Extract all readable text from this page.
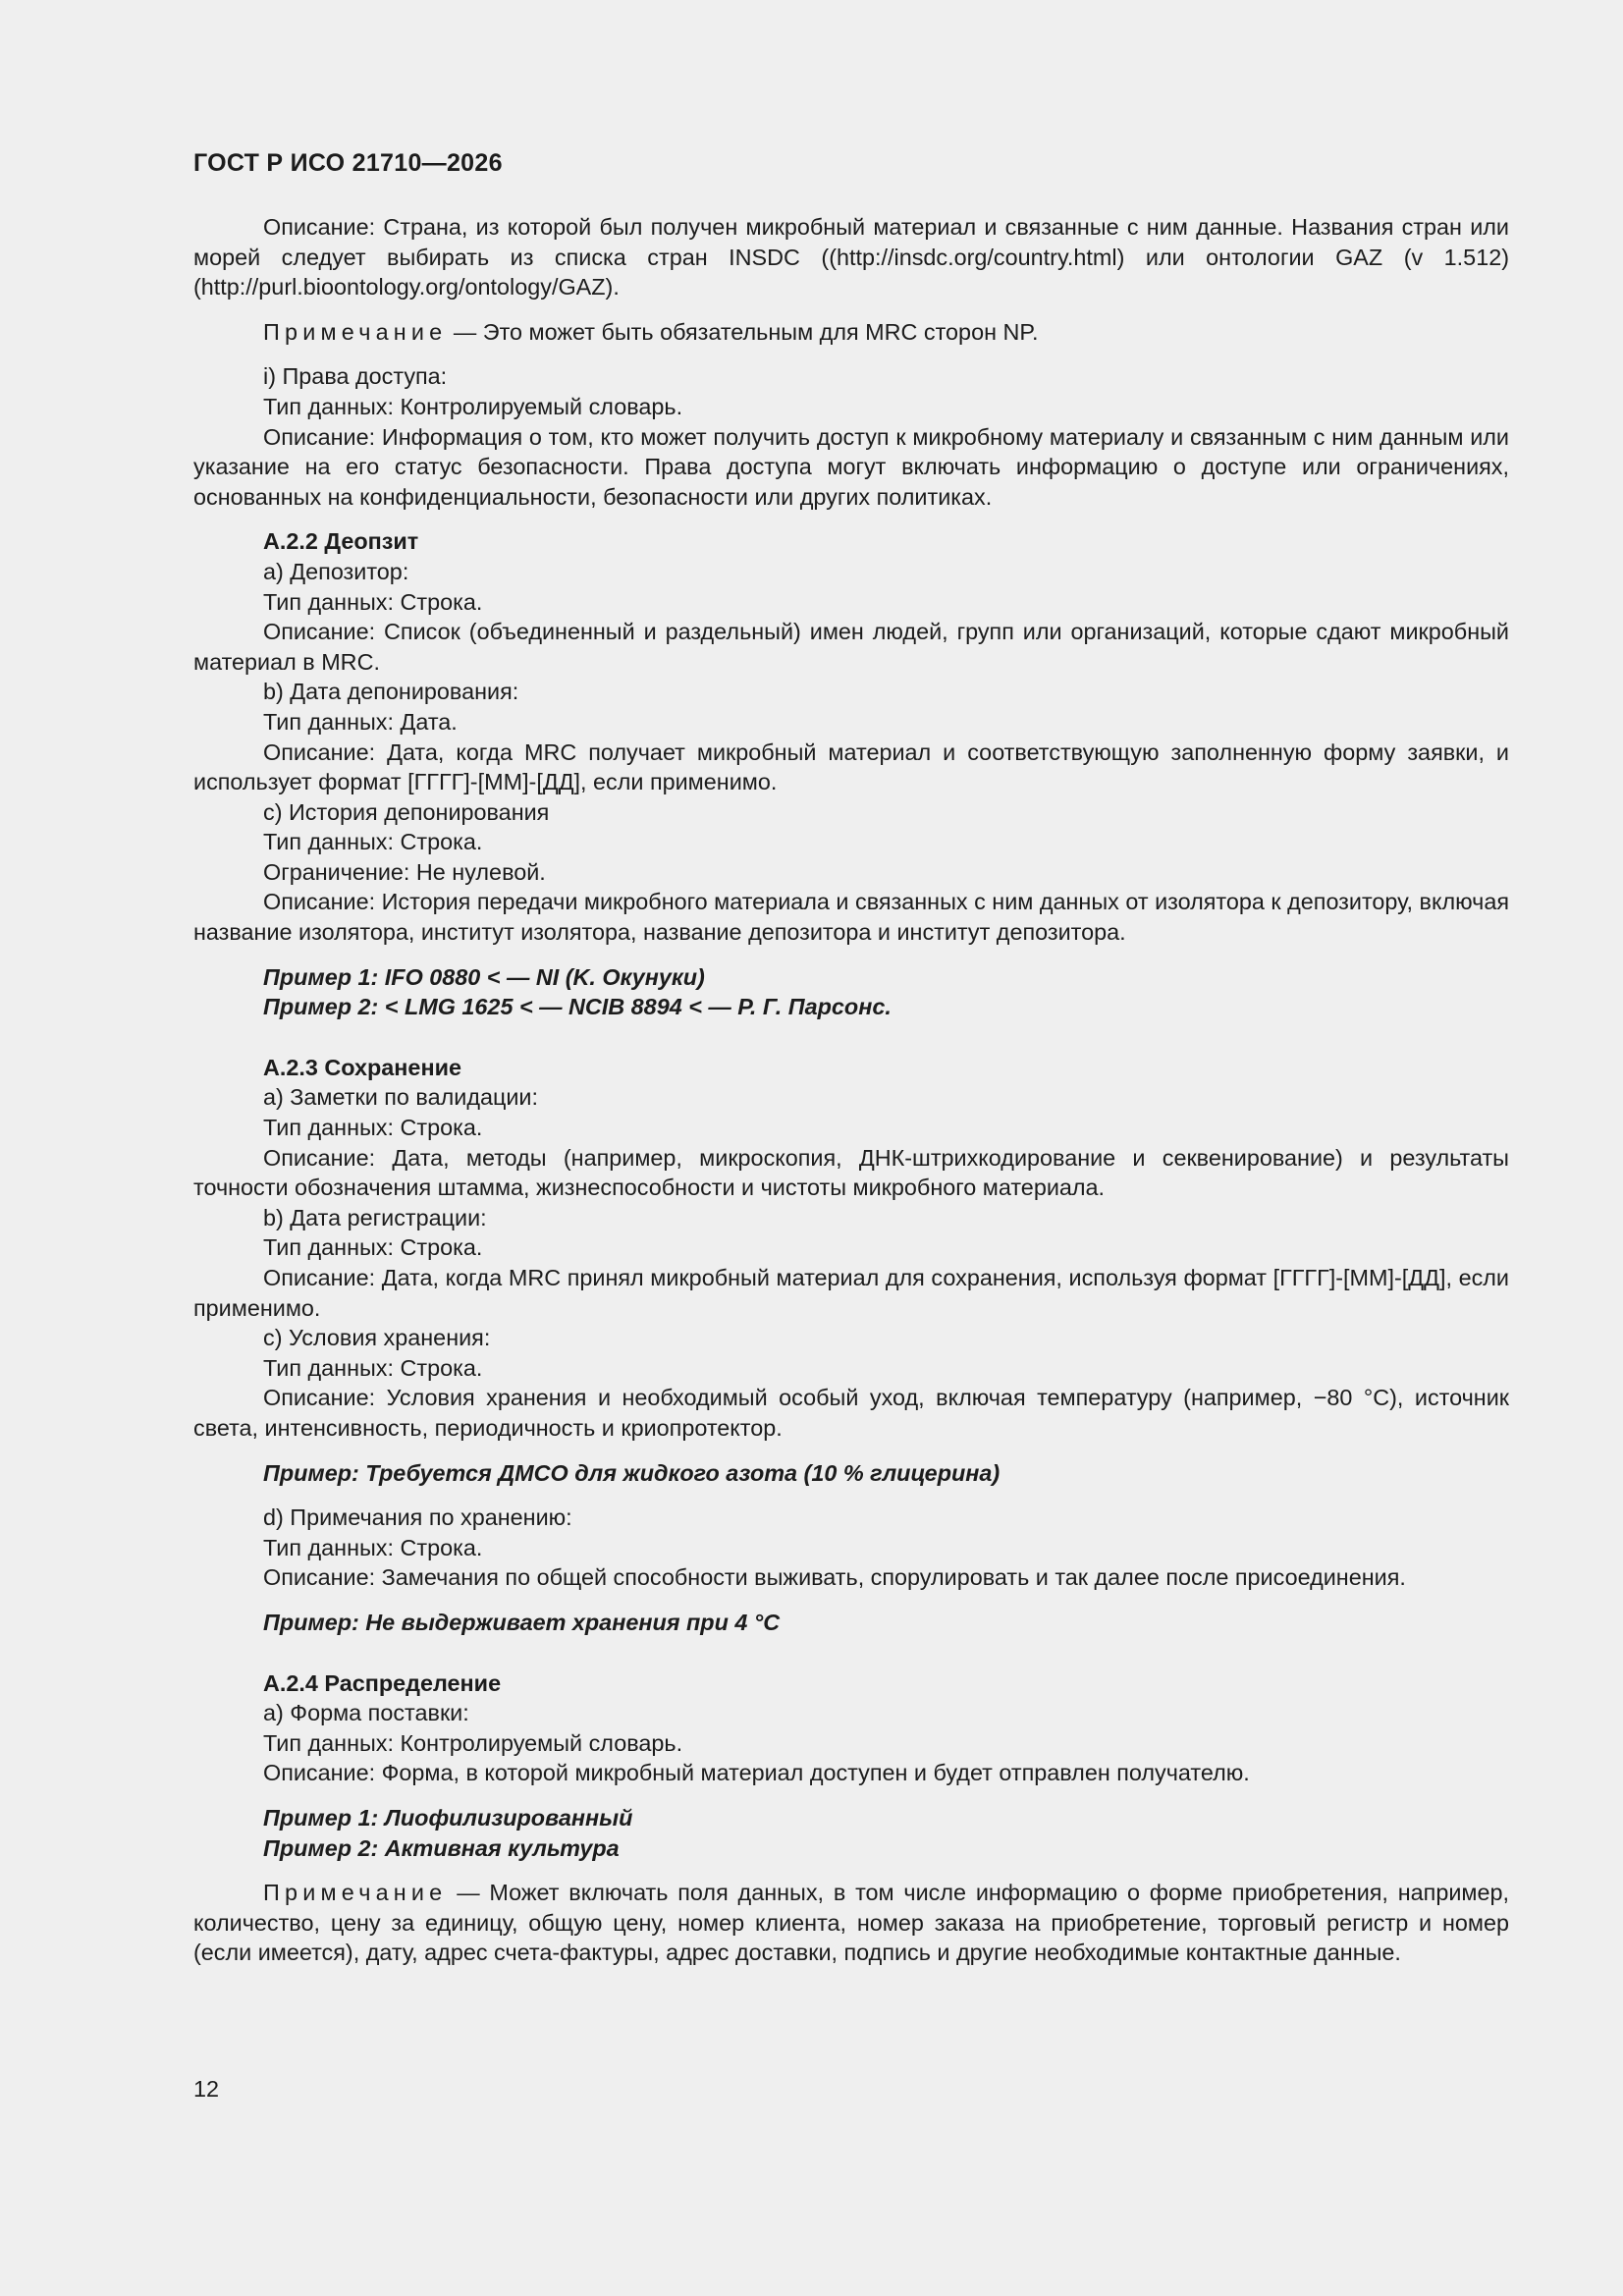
ГОСТ Р ИСО 21710—2026

Описание: Страна, из которой был получен микробный материал и связанные с ним данные. Названия стран или морей следует выбирать из списка стран INSDC ((http://insdc.org/country.html) или онтологии GAZ (v 1.512) (http://purl.bioontology.org/ontology/GAZ).

Примечание — Это может быть обязательным для MRC сторон NP.

i) Права доступа:

Тип данных: Контролируемый словарь.

Описание: Информация о том, кто может получить доступ к микробному материалу и связанным с ним данным или указание на его статус безопасности. Права доступа могут включать информацию о доступе или ограничениях, основанных на конфиденциальности, безопасности или других политиках.

А.2.2 Деопзит

а) Депозитор:

Тип данных: Строка.

Описание: Список (объединенный и раздельный) имен людей, групп или организаций, которые сдают микробный материал в MRC.

b) Дата депонирования:

Тип данных: Дата.

Описание: Дата, когда MRC получает микробный материал и соответствующую заполненную форму заявки, и использует формат [ГГГГ]-[ММ]-[ДД], если применимо.

c) История депонирования

Тип данных: Строка.

Ограничение: Не нулевой.

Описание: История передачи микробного материала и связанных с ним данных от изолятора к депозитору, включая название изолятора, институт изолятора, название депозитора и институт депозитора.

Пример 1: IFO 0880 < — NI (K. Окунуки)

Пример 2: < LMG 1625 < — NCIB 8894 < — Р. Г. Парсонс.

А.2.3 Сохранение

а) Заметки по валидации:

Тип данных: Строка.

Описание: Дата, методы (например, микроскопия, ДНК-штрихкодирование и секвенирование) и результаты точности обозначения штамма, жизнеспособности и чистоты микробного материала.

b) Дата регистрации:

Тип данных: Строка.

Описание: Дата, когда MRC принял микробный материал для сохранения, используя формат [ГГГГ]-[ММ]-[ДД], если применимо.

c) Условия хранения:

Тип данных: Строка.

Описание: Условия хранения и необходимый особый уход, включая температуру (например, −80 °C), источник света, интенсивность, периодичность и криопротектор.

Пример: Требуется ДМСО для жидкого азота (10 % глицерина)

d) Примечания по хранению:

Тип данных: Строка.

Описание: Замечания по общей способности выживать, спорулировать и так далее после присоединения.

Пример: Не выдерживает хранения при 4 °C

А.2.4 Распределение

а) Форма поставки:

Тип данных: Контролируемый словарь.

Описание: Форма, в которой микробный материал доступен и будет отправлен получателю.

Пример 1: Лиофилизированный

Пример 2: Активная культура

Примечание — Может включать поля данных, в том числе информацию о форме приобретения, например, количество, цену за единицу, общую цену, номер клиента, номер заказа на приобретение, торговый регистр и номер (если имеется), дату, адрес счета-фактуры, адрес доставки, подпись и другие необходимые контактные данные.

12
